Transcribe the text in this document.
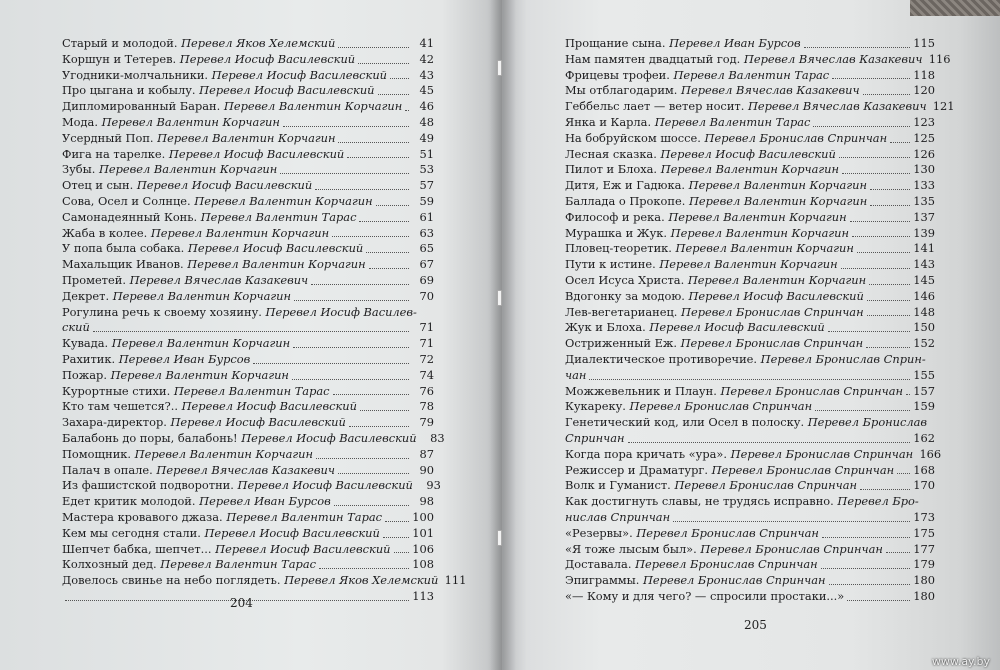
Старый и молодой. Перевел Яков Хелемский	41
Коршун и Тетерев. Перевел Иосиф Василевский	42
Угодники-молчальники. Перевел Иосиф Василевский	43
Про цыгана и кобылу. Перевел Иосиф Василевский	45
Дипломированный Баран. Перевел Валентин Корчагин	46
Мода. Перевел Валентин Корчагин	48
Усердный Поп. Перевел Валентин Корчагин	49
Фига на тарелке. Перевел Иосиф Василевский	51
Зубы. Перевел Валентин Корчагин	53
Отец и сын. Перевел Иосиф Василевский	57
Сова, Осел и Солнце. Перевел Валентин Корчагин	59
Самонадеянный Конь. Перевел Валентин Тарас	61
Жаба в колее. Перевел Валентин Корчагин	63
У попа была собака. Перевел Иосиф Василевский	65
Махальщик Иванов. Перевел Валентин Корчагин	67
Прометей. Перевел Вячеслав Казакевич	69
Декрет. Перевел Валентин Корчагин	70
Рогулина речь к своему хозяину. Перевел Иосиф Василев-
ский	71
Кувада. Перевел Валентин Корчагин	71
Рахитик. Перевел Иван Бурсов	72
Пожар. Перевел Валентин Корчагин	74
Курортные стихи. Перевел Валентин Тарас	76
Кто там чешется?.. Перевел Иосиф Василевский	78
Захара-директор. Перевел Иосиф Василевский	79
Балабонь до поры, балабонь! Перевел Иосиф Василевский	83
Помощник. Перевел Валентин Корчагин	87
Палач в опале. Перевел Вячеслав Казакевич	90
Из фашистской подворотни. Перевел Иосиф Василевский	93
Едет критик молодой. Перевел Иван Бурсов	98
Мастера кровавого джаза. Перевел Валентин Тарас	100
Кем мы сегодня стали. Перевел Иосиф Василевский	101
Шепчет бабка, шепчет... Перевел Иосиф Василевский 106
Колхозный дед. Перевел Валентин Тарас	108
Довелось свинье на небо поглядеть. Перевел Яков Хелемский 111
113
204
Прощание сына. Перевел Иван Бурсов	115
Нам памятен двадцатый год. Перевел Вячеслав Казакевич 116
Фрицевы трофеи. Перевел Валентин Тарас	118
Мы отблагодарим. Перевел Вячеслав Казакевич	120
Геббельс лает — ветер носит. Перевел Вячеслав Казакевич 121
Янка и Карла. Перевел Валентин Тарас	123
На бобруйском шоссе. Перевел Бронислав Спринчан 125
Лесная сказка. Перевел Иосиф Василевский	126
Пилот и Блоха. Перевел Валентин Корчагин	130
Дитя, Еж и Гадюка. Перевел Валентин Корчагин	133
Баллада о Прокопе. Перевел Валентин Корчагин	135
Философ и река. Перевел Валентин Корчагин	137
Мурашка и Жук. Перевел Валентин Корчагин	139
Пловец-теоретик. Перевел Валентин Корчагин	141
Пути к истине. Перевел Валентин Корчагин	143
Осел Исуса Христа. Перевел Валентин Корчагин	145
Вдогонку за модою. Перевел Иосиф Василевский	146
Лев-вегетарианец. Перевел Бронислав Спринчан	148
Жук и Блоха. Перевел Иосиф Василевский	150
Остриженный Еж. Перевел Бронислав Спринчан	152
Диалектическое противоречие. Перевел Бронислав Сприн-
чан	155
Можжевельник и Плаун. Перевел Бронислав Спринчан 157
Кукареку. Перевел Бронислав Спринчан	159
Генетический код, или Осел в полоску. Перевел Бронислав
Спринчан	162
Когда пора кричать «ура». Перевел Бронислав Спринчан 166
Режиссер и Драматург. Перевел Бронислав Спринчан 168
Волк и Гуманист. Перевел Бронислав Спринчан	170
Как достигнуть славы, не трудясь исправно. Перевел Бро-
нислав Спринчан	173
«Резервы». Перевел Бронислав Спринчан	175
«Я тоже лысым был». Перевел Бронислав Спринчан	177
Доставала. Перевел Бронислав Спринчан	179
Эпиграммы. Перевел Бронислав Спринчан	180
«— Кому и для чего? — спросили простаки...»	180
205
www.ay.by
